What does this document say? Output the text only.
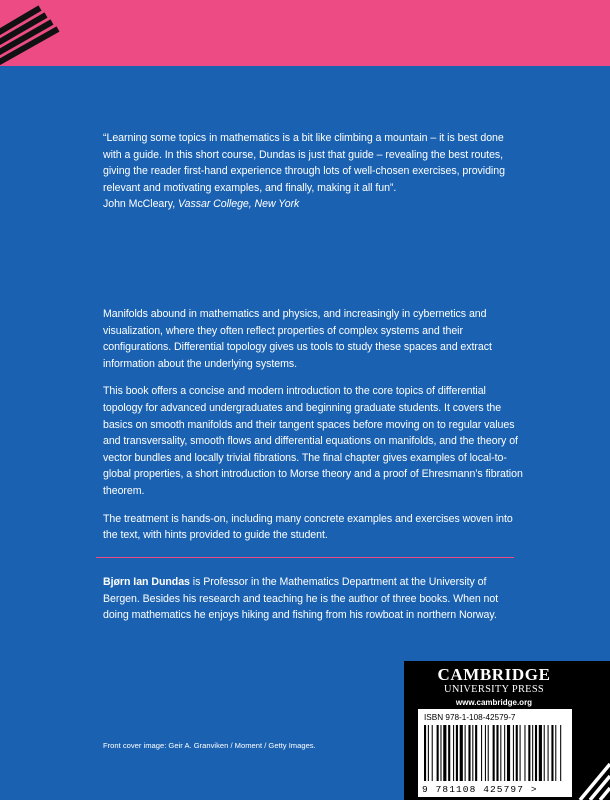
“Learning some topics in mathematics is a bit like climbing a mountain – it is best done with a guide. In this short course, Dundas is just that guide – revealing the best routes, giving the reader first-hand experience through lots of well-chosen exercises, providing relevant and motivating examples, and finally, making it all fun”.

John McCleary, Vassar College, New York

Manifolds abound in mathematics and physics, and increasingly in cybernetics and visualization, where they often reflect properties of complex systems and their configurations. Differential topology gives us tools to study these spaces and extract information about the underlying systems.

This book offers a concise and modern introduction to the core topics of differential topology for advanced undergraduates and beginning graduate students. It covers the basics on smooth manifolds and their tangent spaces before moving on to regular values and transversality, smooth flows and differential equations on manifolds, and the theory of vector bundles and locally trivial fibrations. The final chapter gives examples of local-to-global properties, a short introduction to Morse theory and a proof of Ehresmann’s fibration theorem.

The treatment is hands-on, including many concrete examples and exercises woven into the text, with hints provided to guide the student.

Bjørn Ian Dundas is Professor in the Mathematics Department at the University of Bergen. Besides his research and teaching he is the author of three books. When not doing mathematics he enjoys hiking and fishing from his rowboat in northern Norway.

Front cover image: Geir A. Granviken / Moment / Getty Images.
CAMBRIDGE
UNIVERSITY PRESS
www.cambridge.org
ISBN 978-1-108-42579-7
9 781108 425797 >
